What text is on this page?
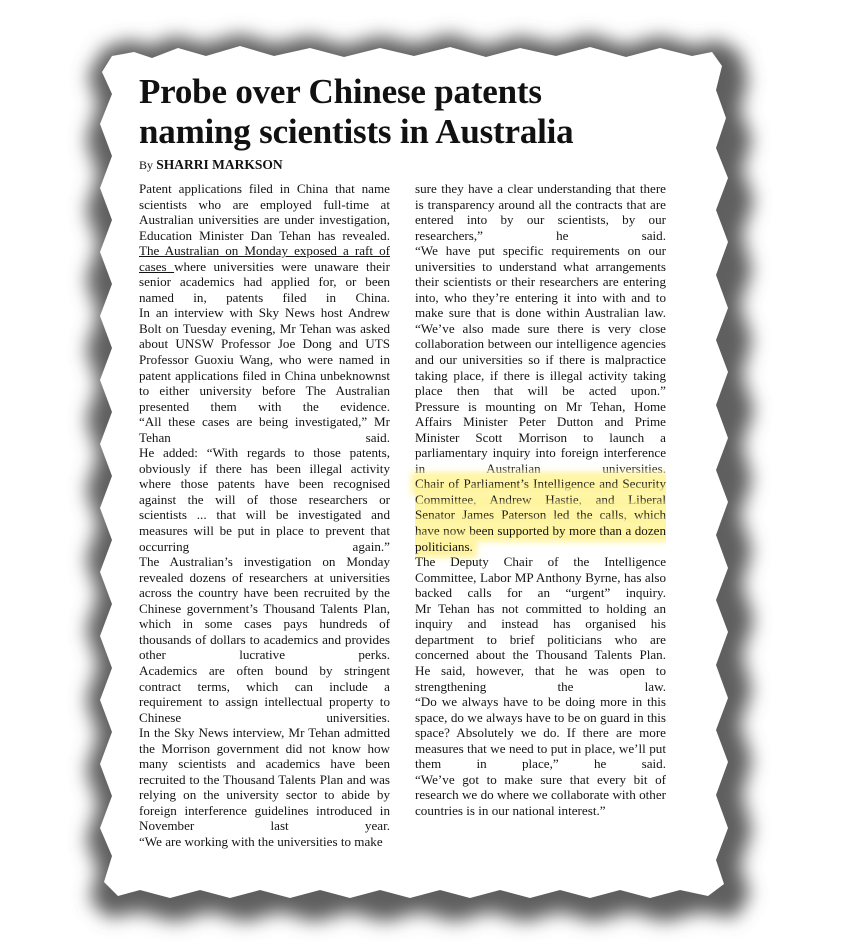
Probe over Chinese patents naming scientists in Australia
By SHARRI MARKSON

Patent applications filed in China that name scientists who are employed full-time at Australian universities are under investigation, Education Minister Dan Tehan has revealed.

The Australian on Monday exposed a raft of cases where universities were unaware their senior academics had applied for, or been named in, patents filed in China.

In an interview with Sky News host Andrew Bolt on Tuesday evening, Mr Tehan was asked about UNSW Professor Joe Dong and UTS Professor Guoxiu Wang, who were named in patent applications filed in China unbeknownst to either university before The Australian presented them with the evidence.

“All these cases are being investigated,” Mr Tehan said.

He added: “With regards to those patents, obviously if there has been illegal activity where those patents have been recognised against the will of those researchers or scientists ... that will be investigated and measures will be put in place to prevent that occurring again.”

The Australian’s investigation on Monday revealed dozens of researchers at universities across the country have been recruited by the Chinese government’s Thousand Talents Plan, which in some cases pays hundreds of thousands of dollars to academics and provides other lucrative perks.

Academics are often bound by stringent contract terms, which can include a requirement to assign intellectual property to Chinese universities.

In the Sky News interview, Mr Tehan admitted the Morrison government did not know how many scientists and academics have been recruited to the Thousand Talents Plan and was relying on the university sector to abide by foreign interference guidelines introduced in November last year.

“We are working with the universities to make

sure they have a clear understanding that there is transparency around all the contracts that are entered into by our scientists, by our researchers,” he said.

“We have put specific requirements on our universities to understand what arrangements their scientists or their researchers are entering into, who they’re entering it into with and to make sure that is done within Australian law.

“We’ve also made sure there is very close collaboration between our intelligence agencies and our universities so if there is malpractice taking place, if there is illegal activity taking place then that will be acted upon.”

Pressure is mounting on Mr Tehan, Home Affairs Minister Peter Dutton and Prime Minister Scott Morrison to launch a parliamentary inquiry into foreign interference in Australian universities.

Chair of Parliament’s Intelligence and Security Committee, Andrew Hastie, and Liberal Senator James Paterson led the calls, which have now been supported by more than a dozen politicians.

The Deputy Chair of the Intelligence Committee, Labor MP Anthony Byrne, has also backed calls for an “urgent” inquiry.

Mr Tehan has not committed to holding an inquiry and instead has organised his department to brief politicians who are concerned about the Thousand Talents Plan.

He said, however, that he was open to strengthening the law.

“Do we always have to be doing more in this space, do we always have to be on guard in this space? Absolutely we do. If there are more measures that we need to put in place, we’ll put them in place,” he said.

“We’ve got to make sure that every bit of research we do where we collaborate with other countries is in our national interest.”
